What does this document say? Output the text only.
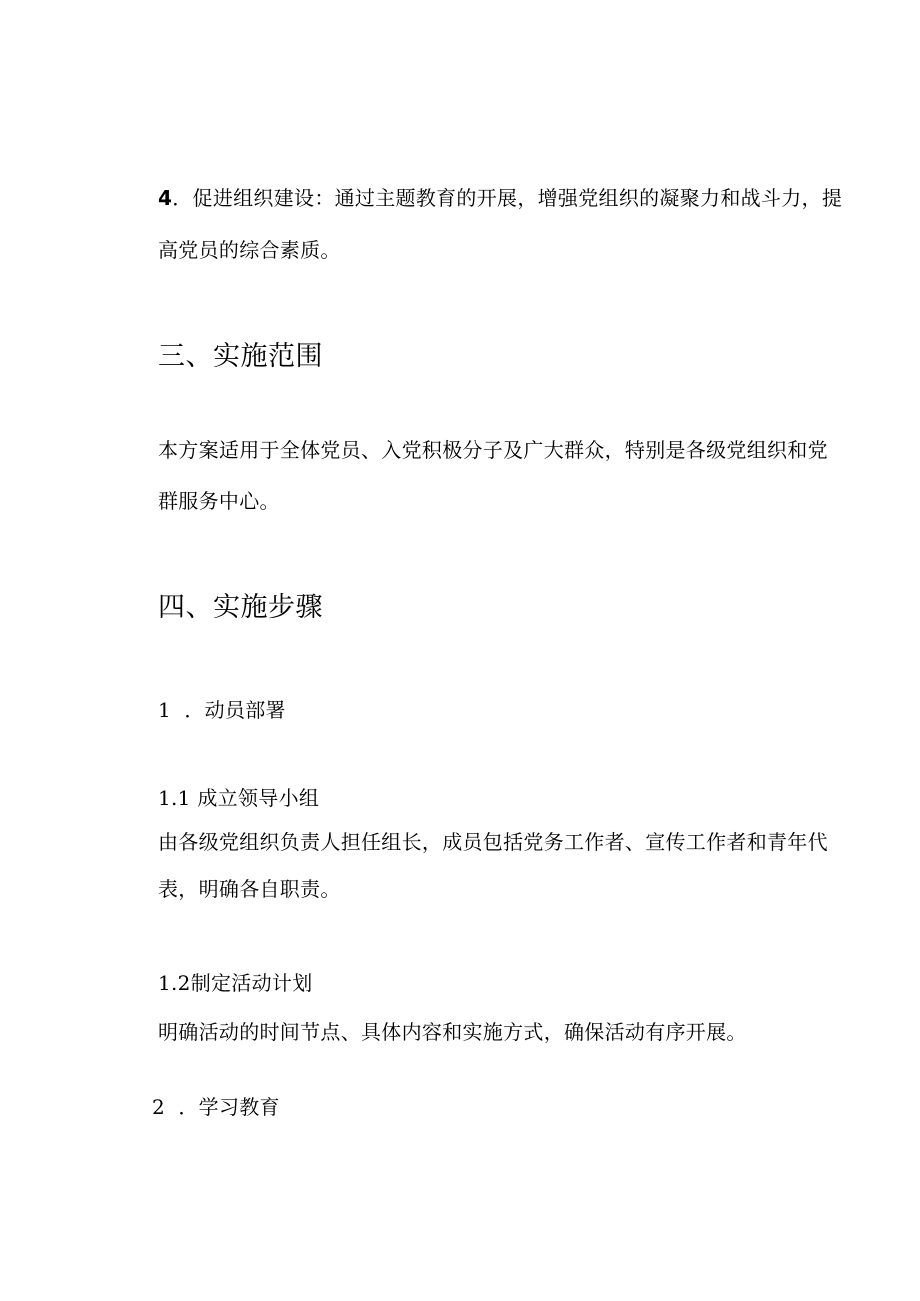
4．促进组织建设：通过主题教育的开展，增强党组织的凝聚力和战斗力，提

高党员的综合素质。

三、实施范围

本方案适用于全体党员、入党积极分子及广大群众，特别是各级党组织和党

群服务中心。

四、实施步骤

1 ．动员部署

1.1 成立领导小组

由各级党组织负责人担任组长，成员包括党务工作者、宣传工作者和青年代

表，明确各自职责。

1.2制定活动计划

明确活动的时间节点、具体内容和实施方式，确保活动有序开展。

2 ．学习教育
